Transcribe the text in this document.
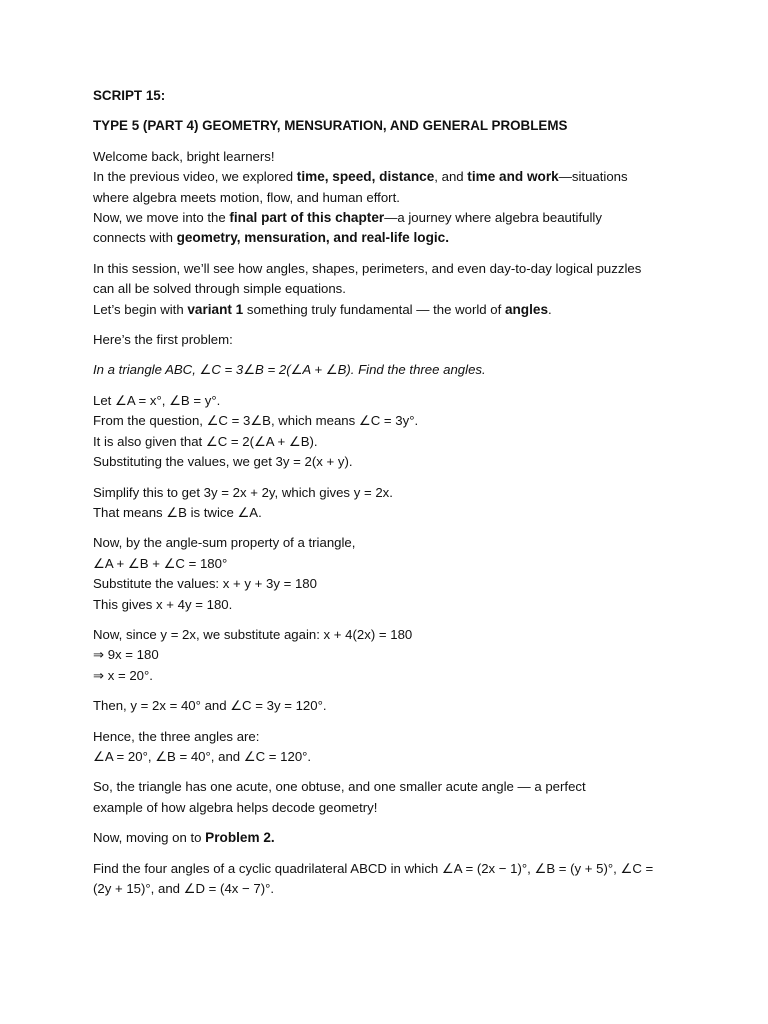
SCRIPT 15:

TYPE 5 (PART 4) GEOMETRY, MENSURATION, AND GENERAL PROBLEMS

Welcome back, bright learners!
In the previous video, we explored time, speed, distance, and time and work—situations
where algebra meets motion, flow, and human effort.
Now, we move into the final part of this chapter—a journey where algebra beautifully
connects with geometry, mensuration, and real-life logic.

In this session, we’ll see how angles, shapes, perimeters, and even day-to-day logical puzzles
can all be solved through simple equations.
Let’s begin with variant 1 something truly fundamental — the world of angles.

Here’s the first problem:

In a triangle ABC, ∠C = 3∠B = 2(∠A + ∠B). Find the three angles.

Let ∠A = x°, ∠B = y°.
From the question, ∠C = 3∠B, which means ∠C = 3y°.
It is also given that ∠C = 2(∠A + ∠B).
Substituting the values, we get 3y = 2(x + y).

Simplify this to get 3y = 2x + 2y, which gives y = 2x.
That means ∠B is twice ∠A.

Now, by the angle-sum property of a triangle,
∠A + ∠B + ∠C = 180°
Substitute the values: x + y + 3y = 180
This gives x + 4y = 180.

Now, since y = 2x, we substitute again: x + 4(2x) = 180
⇒ 9x = 180
⇒ x = 20°.

Then, y = 2x = 40° and ∠C = 3y = 120°.

Hence, the three angles are:
∠A = 20°, ∠B = 40°, and ∠C = 120°.

So, the triangle has one acute, one obtuse, and one smaller acute angle — a perfect
example of how algebra helps decode geometry!

Now, moving on to Problem 2.

Find the four angles of a cyclic quadrilateral ABCD in which ∠A = (2x − 1)°, ∠B = (y + 5)°, ∠C =
(2y + 15)°, and ∠D = (4x − 7)°.
